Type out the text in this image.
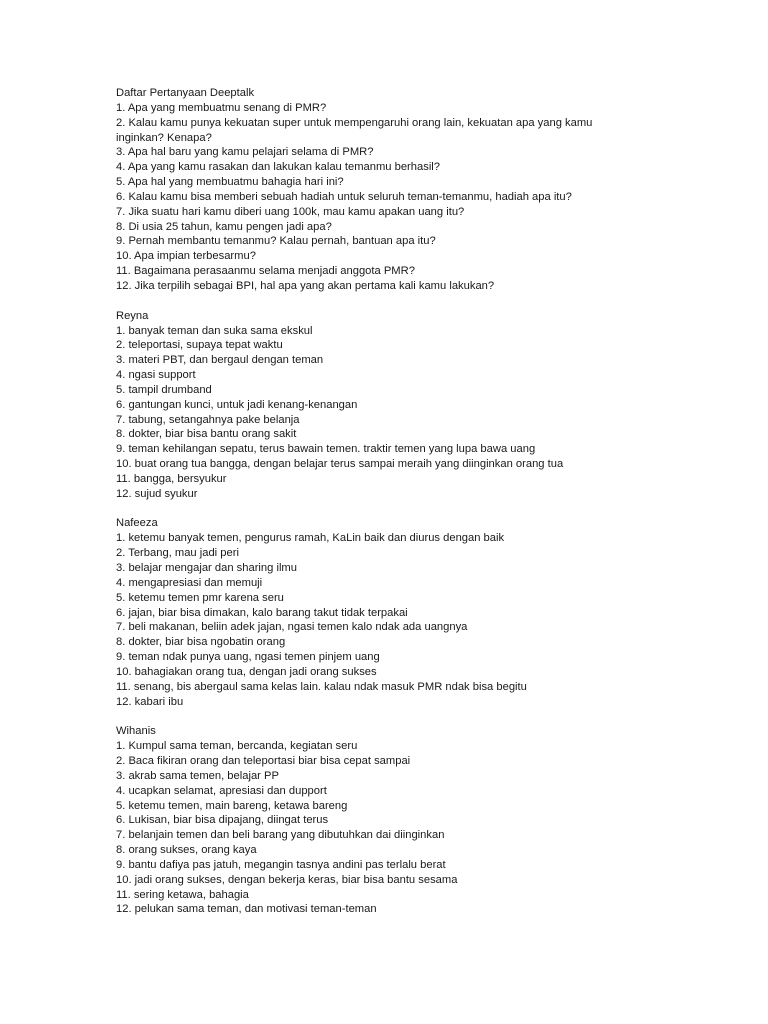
Daftar Pertanyaan Deeptalk
1. Apa yang membuatmu senang di PMR?
2. Kalau kamu punya kekuatan super untuk mempengaruhi orang lain, kekuatan apa yang kamu inginkan? Kenapa?
3. Apa hal baru yang kamu pelajari selama di PMR?
4. Apa yang kamu rasakan dan lakukan kalau temanmu berhasil?
5. Apa hal yang membuatmu bahagia hari ini?
6. Kalau kamu bisa memberi sebuah hadiah untuk seluruh teman-temanmu, hadiah apa itu?
7. Jika suatu hari kamu diberi uang 100k, mau kamu apakan uang itu?
8. Di usia 25 tahun, kamu pengen jadi apa?
9. Pernah membantu temanmu? Kalau pernah, bantuan apa itu?
10. Apa impian terbesarmu?
11. Bagaimana perasaanmu selama menjadi anggota PMR?
12. Jika terpilih sebagai BPI, hal apa yang akan pertama kali kamu lakukan?
Reyna
1. banyak teman dan suka sama ekskul
2. teleportasi, supaya tepat waktu
3. materi PBT, dan bergaul dengan teman
4. ngasi support
5. tampil drumband
6. gantungan kunci, untuk jadi kenang-kenangan
7. tabung, setangahnya pake belanja
8. dokter, biar bisa bantu orang sakit
9. teman kehilangan sepatu, terus bawain temen. traktir temen yang lupa bawa uang
10. buat orang tua bangga, dengan belajar terus sampai meraih yang diinginkan orang tua
11. bangga, bersyukur
12. sujud syukur
Nafeeza
1. ketemu banyak temen, pengurus ramah, KaLin baik dan diurus dengan baik
2. Terbang, mau jadi peri
3. belajar mengajar dan sharing ilmu
4. mengapresiasi dan memuji
5. ketemu temen pmr karena seru
6. jajan, biar bisa dimakan, kalo barang takut tidak terpakai
7. beli makanan, beliin adek jajan, ngasi temen kalo ndak ada uangnya
8. dokter, biar bisa ngobatin orang
9. teman ndak punya uang, ngasi temen pinjem uang
10. bahagiakan orang tua, dengan jadi orang sukses
11. senang, bis abergaul sama kelas lain. kalau ndak masuk PMR ndak bisa begitu
12. kabari ibu
Wihanis
1. Kumpul sama teman, bercanda, kegiatan seru
2. Baca fikiran orang dan teleportasi biar bisa cepat sampai
3. akrab sama temen, belajar PP
4. ucapkan selamat, apresiasi dan dupport
5. ketemu temen, main bareng, ketawa bareng
6. Lukisan, biar bisa dipajang, diingat terus
7. belanjain temen dan beli barang yang dibutuhkan dai diinginkan
8. orang sukses, orang kaya
9. bantu dafiya pas jatuh, megangin tasnya andini pas terlalu berat
10. jadi orang sukses, dengan bekerja keras, biar bisa bantu sesama
11. sering ketawa, bahagia
12. pelukan sama teman, dan motivasi teman-teman
